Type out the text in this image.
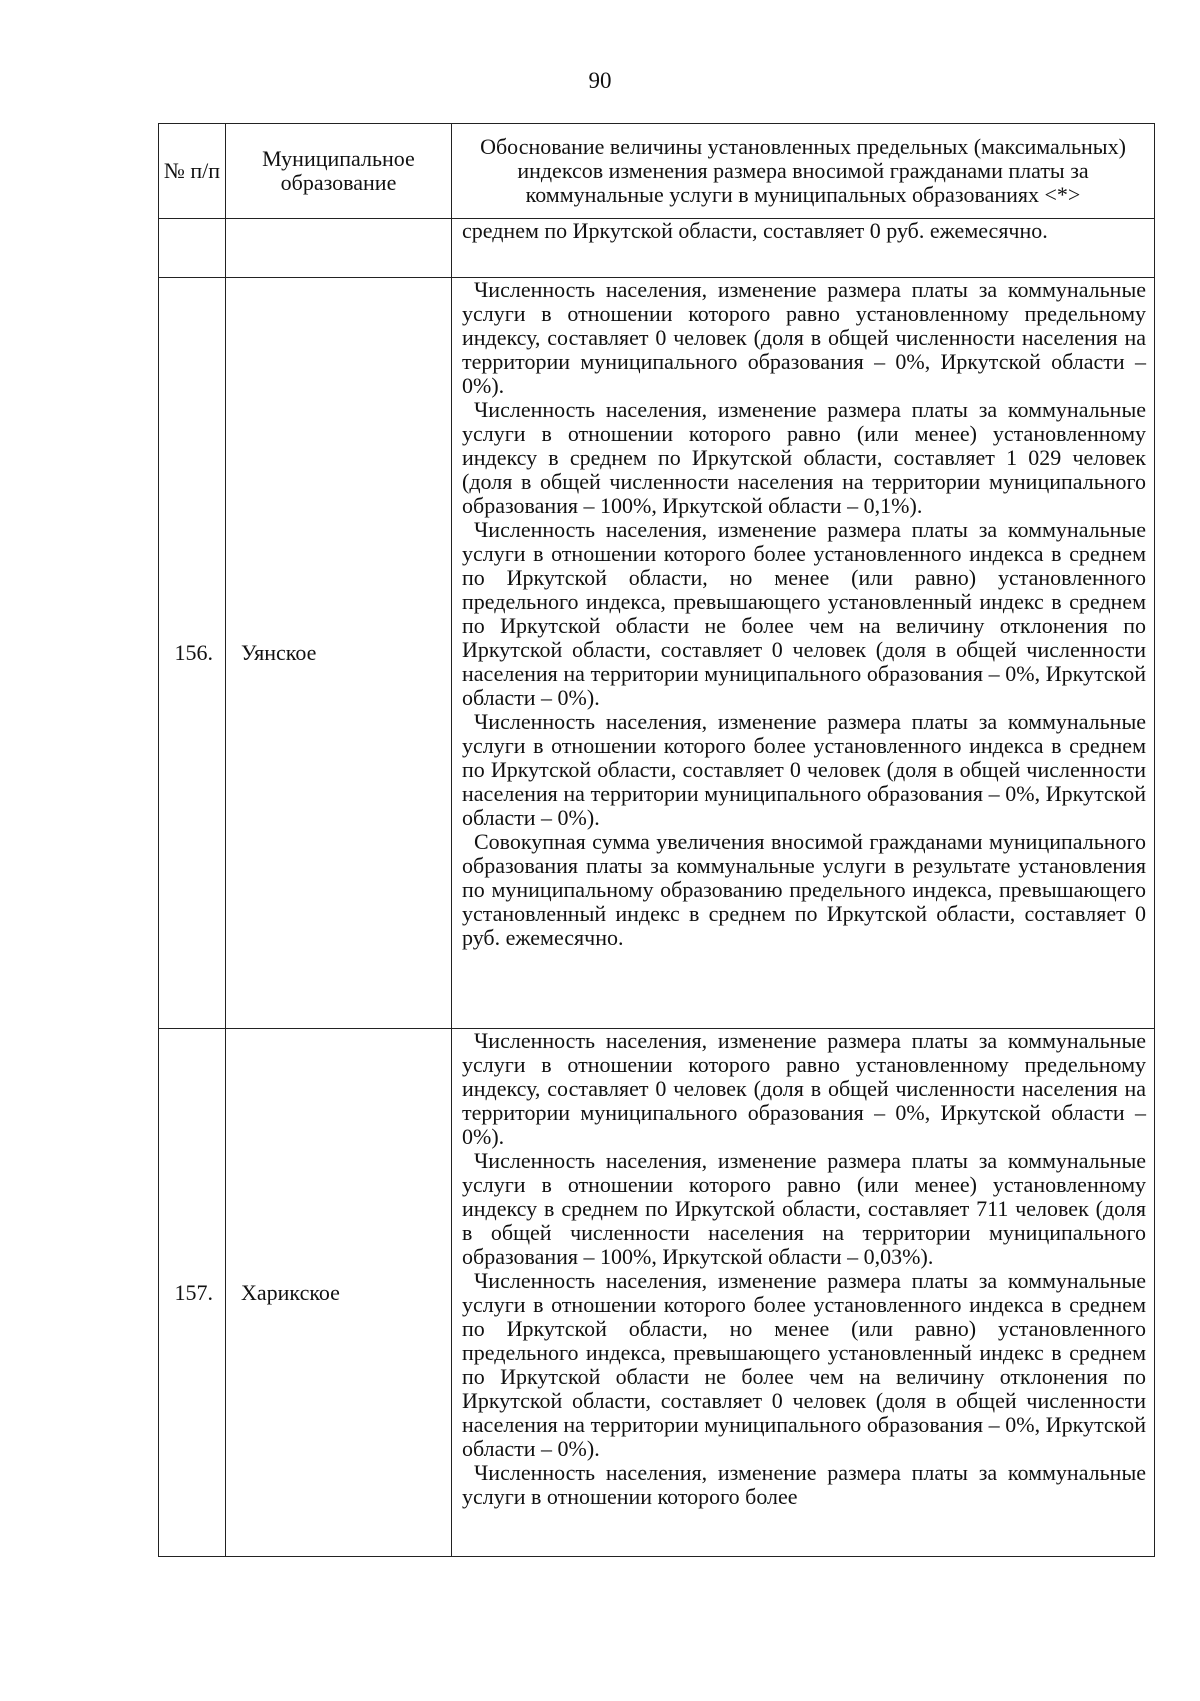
90
№ п/п	Муниципальное образование	Обоснование величины установленных предельных (максимальных) индексов изменения размера вносимой гражданами платы за коммунальные услуги в муниципальных образованиях <*>

		среднем по Иркутской области, составляет 0 руб. ежемесячно.

156.	Уянское	Численность населения, изменение размера платы за коммунальные услуги в отношении которого равно установленному предельному индексу, составляет 0 человек (доля в общей численности населения на территории муниципального образования – 0%, Иркутской области – 0%).

Численность населения, изменение размера платы за коммунальные услуги в отношении которого равно (или менее) установленному индексу в среднем по Иркутской области, составляет 1 029 человек (доля в общей численности населения на территории муниципального образования – 100%, Иркутской области – 0,1%).

Численность населения, изменение размера платы за коммунальные услуги в отношении которого более установленного индекса в среднем по Иркутской области, но менее (или равно) установленного предельного индекса, превышающего установленный индекс в среднем по Иркутской области не более чем на величину отклонения по Иркутской области, составляет 0 человек (доля в общей численности населения на территории муниципального образования – 0%, Иркутской области – 0%).

Численность населения, изменение размера платы за коммунальные услуги в отношении которого более установленного индекса в среднем по Иркутской области, составляет 0 человек (доля в общей численности населения на территории муниципального образования – 0%, Иркутской области – 0%).

Совокупная сумма увеличения вносимой гражданами муниципального образования платы за коммунальные услуги в результате установления по муниципальному образованию предельного индекса, превышающего установленный индекс в среднем по Иркутской области, составляет 0 руб. ежемесячно.

157.	Харикское	Численность населения, изменение размера платы за коммунальные услуги в отношении которого равно установленному предельному индексу, составляет 0 человек (доля в общей численности населения на территории муниципального образования – 0%, Иркутской области – 0%).

Численность населения, изменение размера платы за коммунальные услуги в отношении которого равно (или менее) установленному индексу в среднем по Иркутской области, составляет 711 человек (доля в общей численности населения на территории муниципального образования – 100%, Иркутской области – 0,03%).

Численность населения, изменение размера платы за коммунальные услуги в отношении которого более установленного индекса в среднем по Иркутской области, но менее (или равно) установленного предельного индекса, превышающего установленный индекс в среднем по Иркутской области не более чем на величину отклонения по Иркутской области, составляет 0 человек (доля в общей численности населения на территории муниципального образования – 0%, Иркутской области – 0%).

Численность населения, изменение размера платы за коммунальные услуги в отношении которого более
